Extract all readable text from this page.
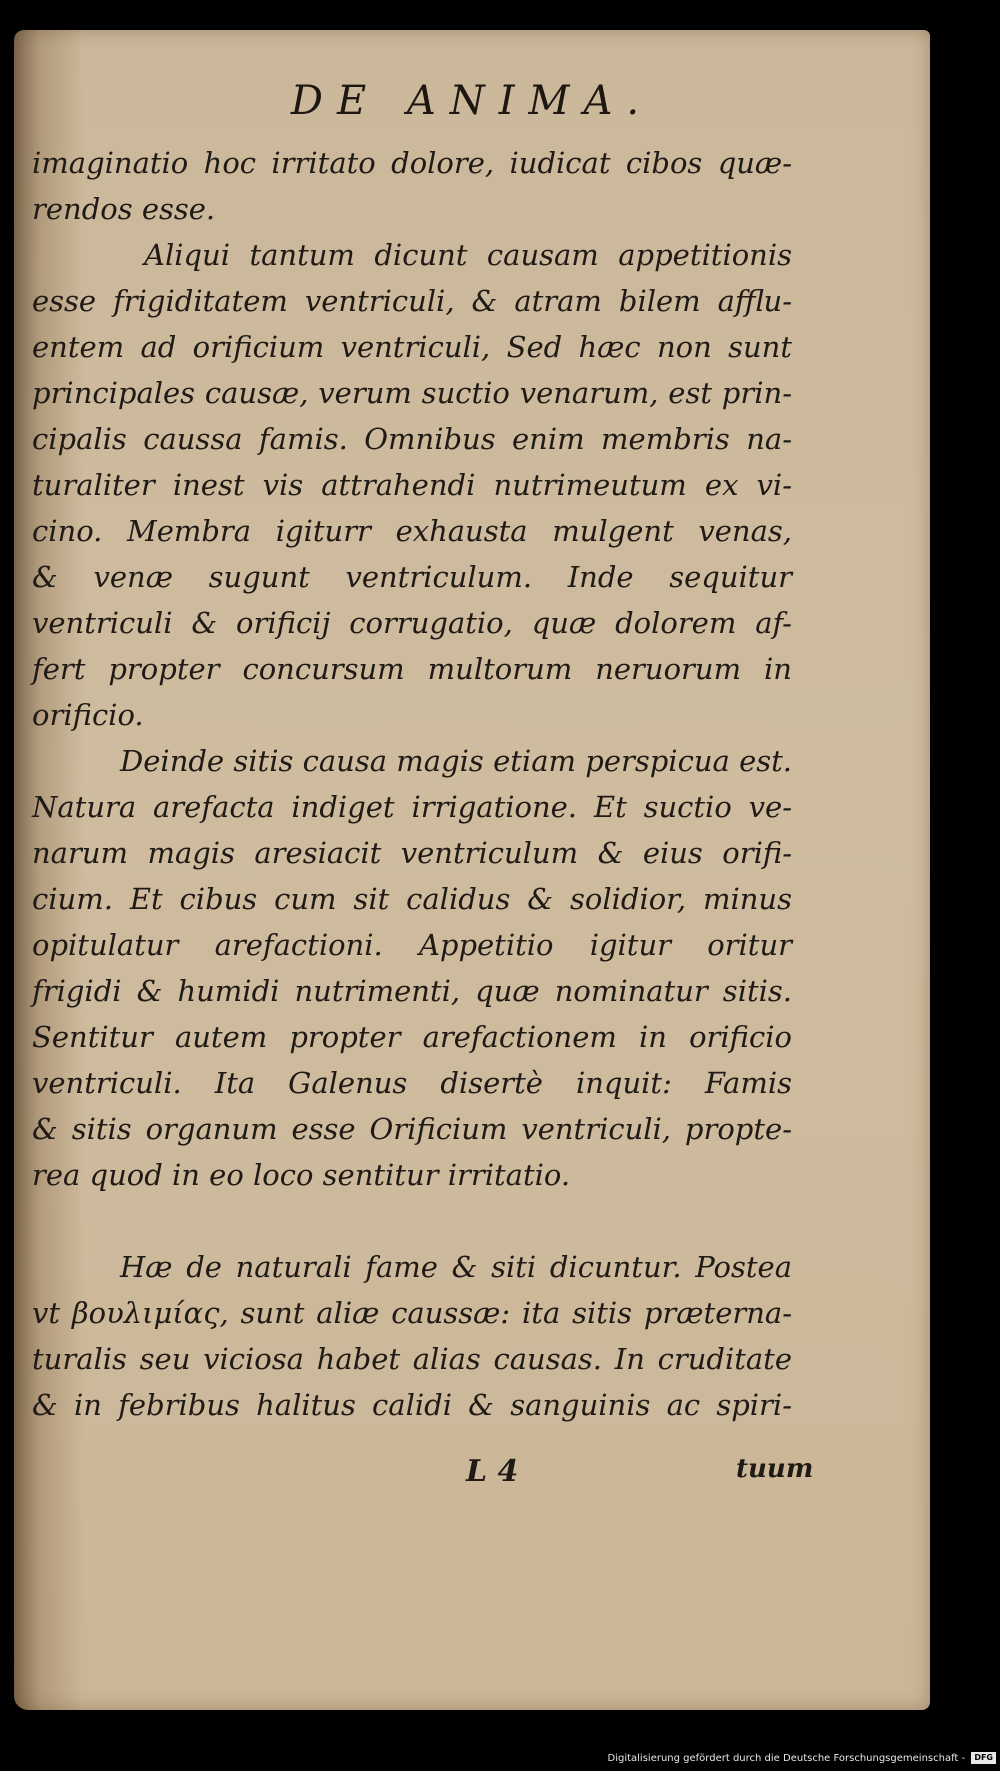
DE ANIMA.
imaginatio hoc irritato dolore, iudicat cibos quæ-
rendos esse.
Aliqui tantum dicunt causam appetitionis
esse frigiditatem ventriculi, & atram bilem afflu-
entem ad orificium ventriculi, Sed hæc non sunt
principales causæ, verum suctio venarum, est prin-
cipalis caussa famis. Omnibus enim membris na-
turaliter inest vis attrahendi nutrimeutum ex vi-
cino. Membra igiturr exhausta mulgent venas,
& venæ sugunt ventriculum. Inde sequitur
ventriculi & orificij corrugatio, quæ dolorem af-
fert propter concursum multorum neruorum in
orificio.
Deinde sitis causa magis etiam perspicua est.
Natura arefacta indiget irrigatione. Et suctio ve-
narum magis aresiacit ventriculum & eius orifi-
cium. Et cibus cum sit calidus & solidior, minus
opitulatur arefactioni. Appetitio igitur oritur
frigidi & humidi nutrimenti, quæ nominatur sitis.
Sentitur autem propter arefactionem in orificio
ventriculi. Ita Galenus disertè inquit: Famis
& sitis organum esse Orificium ventriculi, propte-
rea quod in eo loco sentitur irritatio.
Hæ de naturali fame & siti dicuntur. Postea
vt βουλιμίας, sunt aliæ caussæ: ita sitis præterna-
turalis seu viciosa habet alias causas. In cruditate
& in febribus halitus calidi & sanguinis ac spiri-
L 4	tuum
Digitalisierung gefördert durch die Deutsche Forschungsgemeinschaft - DFG
